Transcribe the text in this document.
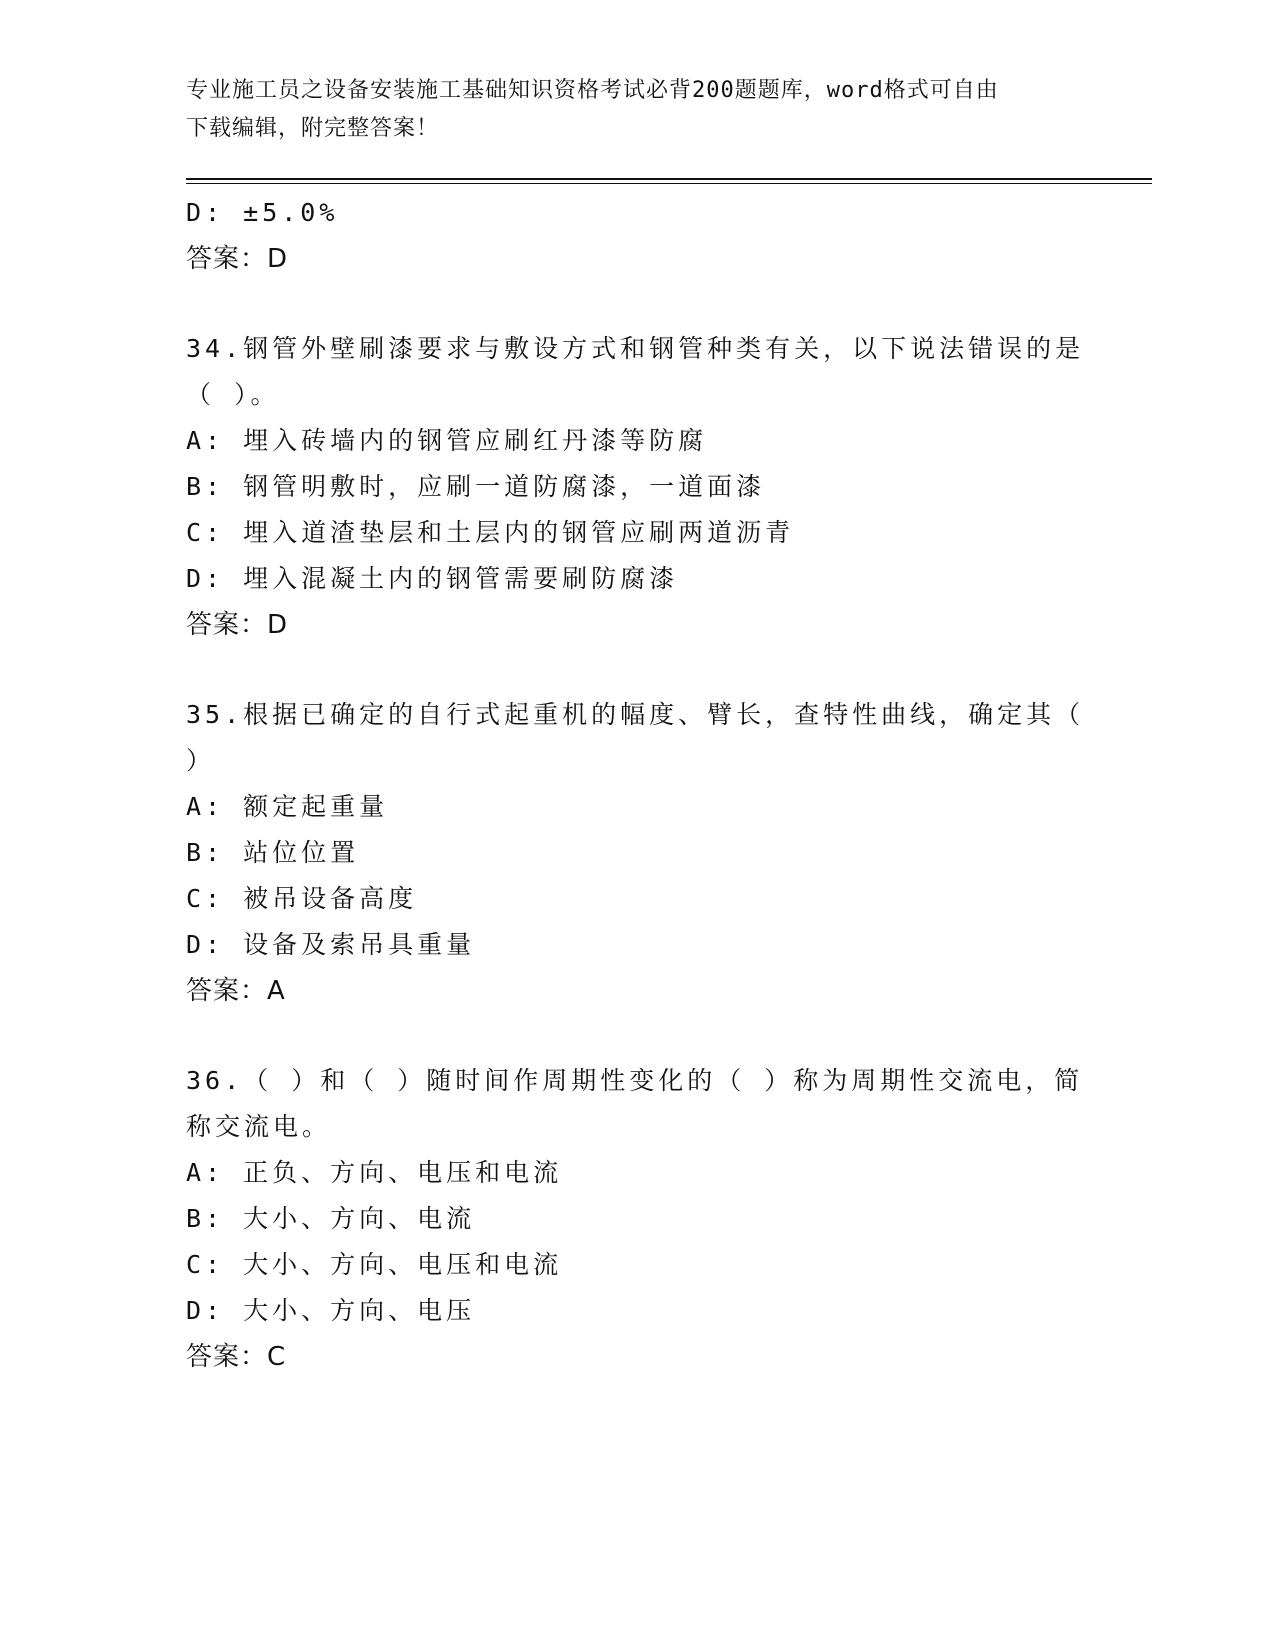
专业施工员之设备安装施工基础知识资格考试必背200题题库，word格式可自由
下载编辑，附完整答案！
D: ±5.0%
答案：D
34.钢管外壁刷漆要求与敷设方式和钢管种类有关，以下说法错误的是
（ ）。
A: 埋入砖墙内的钢管应刷红丹漆等防腐
B: 钢管明敷时，应刷一道防腐漆，一道面漆
C: 埋入道渣垫层和土层内的钢管应刷两道沥青
D: 埋入混凝土内的钢管需要刷防腐漆
答案：D
35.根据已确定的自行式起重机的幅度、臂长，查特性曲线，确定其（
）
A: 额定起重量
B: 站位位置
C: 被吊设备高度
D: 设备及索吊具重量
答案：A
36.（ ）和（ ）随时间作周期性变化的（ ）称为周期性交流电，简
称交流电。
A: 正负、方向、电压和电流
B: 大小、方向、电流
C: 大小、方向、电压和电流
D: 大小、方向、电压
答案：C
